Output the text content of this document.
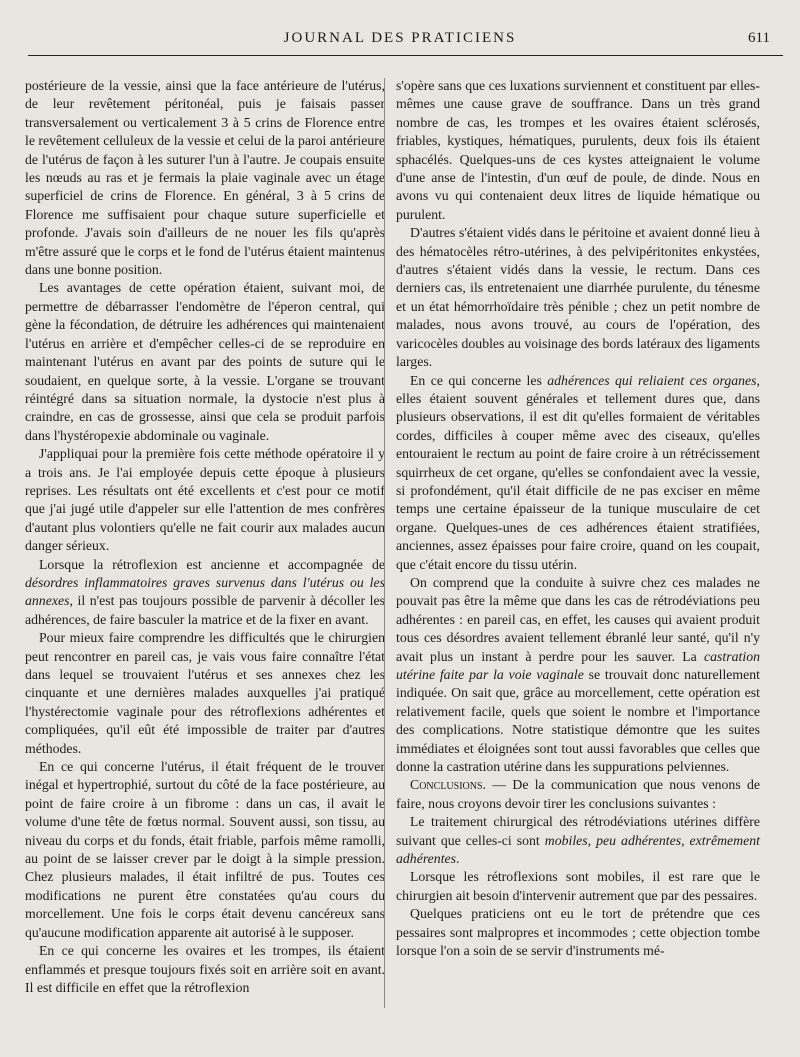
JOURNAL DES PRATICIENS	611

postérieure de la vessie, ainsi que la face antérieure de l'utérus, de leur revêtement péritonéal, puis je faisais passer transversalement ou verticalement 3 à 5 crins de Florence entre le revêtement celluleux de la vessie et celui de la paroi antérieure de l'utérus de façon à les suturer l'un à l'autre. Je coupais ensuite les nœuds au ras et je fermais la plaie vaginale avec un étage superficiel de crins de Florence. En général, 3 à 5 crins de Florence me suffisaient pour chaque suture superficielle et profonde. J'avais soin d'ailleurs de ne nouer les fils qu'après m'être assuré que le corps et le fond de l'utérus étaient maintenus dans une bonne position.

Les avantages de cette opération étaient, suivant moi, de permettre de débarrasser l'endomètre de l'éperon central, qui gène la fécondation, de détruire les adhérences qui maintenaient l'utérus en arrière et d'empêcher celles-ci de se reproduire en maintenant l'utérus en avant par des points de suture qui le soudaient, en quelque sorte, à la vessie. L'organe se trouvant réintégré dans sa situation normale, la dystocie n'est plus à craindre, en cas de grossesse, ainsi que cela se produit parfois dans l'hystéropexie abdominale ou vaginale.

J'appliquai pour la première fois cette méthode opératoire il y a trois ans. Je l'ai employée depuis cette époque à plusieurs reprises. Les résultats ont été excellents et c'est pour ce motif que j'ai jugé utile d'appeler sur elle l'attention de mes confrères d'autant plus volontiers qu'elle ne fait courir aux malades aucun danger sérieux.

Lorsque la rétroflexion est ancienne et accompagnée de désordres inflammatoires graves survenus dans l'utérus ou les annexes, il n'est pas toujours possible de parvenir à décoller les adhérences, de faire basculer la matrice et de la fixer en avant.

Pour mieux faire comprendre les difficultés que le chirurgien peut rencontrer en pareil cas, je vais vous faire connaître l'état dans lequel se trouvaient l'utérus et ses annexes chez les cinquante et une dernières malades auxquelles j'ai pratiqué l'hystérectomie vaginale pour des rétroflexions adhérentes et compliquées, qu'il eût été impossible de traiter par d'autres méthodes.

En ce qui concerne l'utérus, il était fréquent de le trouver inégal et hypertrophié, surtout du côté de la face postérieure, au point de faire croire à un fibrome : dans un cas, il avait le volume d'une tête de fœtus normal. Souvent aussi, son tissu, au niveau du corps et du fonds, était friable, parfois même ramolli, au point de se laisser crever par le doigt à la simple pression. Chez plusieurs malades, il était infiltré de pus. Toutes ces modifications ne purent être constatées qu'au cours du morcellement. Une fois le corps était devenu cancéreux sans qu'aucune modification apparente ait autorisé à le supposer.

En ce qui concerne les ovaires et les trompes, ils étaient enflammés et presque toujours fixés soit en arrière soit en avant. Il est difficile en effet que la rétroflexion

s'opère sans que ces luxations surviennent et constituent par elles-mêmes une cause grave de souffrance. Dans un très grand nombre de cas, les trompes et les ovaires étaient sclérosés, friables, kystiques, hématiques, purulents, deux fois ils étaient sphacélés. Quelques-uns de ces kystes atteignaient le volume d'une anse de l'intestin, d'un œuf de poule, de dinde. Nous en avons vu qui contenaient deux litres de liquide hématique ou purulent.

D'autres s'étaient vidés dans le péritoine et avaient donné lieu à des hématocèles rétro-utérines, à des pelvipéritonites enkystées, d'autres s'étaient vidés dans la vessie, le rectum. Dans ces derniers cas, ils entretenaient une diarrhée purulente, du ténesme et un état hémorrhoïdaire très pénible ; chez un petit nombre de malades, nous avons trouvé, au cours de l'opération, des varicocèles doubles au voisinage des bords latéraux des ligaments larges.

En ce qui concerne les adhérences qui reliaient ces organes, elles étaient souvent générales et tellement dures que, dans plusieurs observations, il est dit qu'elles formaient de véritables cordes, difficiles à couper même avec des ciseaux, qu'elles entouraient le rectum au point de faire croire à un rétrécissement squirrheux de cet organe, qu'elles se confondaient avec la vessie, si profondément, qu'il était difficile de ne pas exciser en même temps une certaine épaisseur de la tunique musculaire de cet organe. Quelques-unes de ces adhérences étaient stratifiées, anciennes, assez épaisses pour faire croire, quand on les coupait, que c'était encore du tissu utérin.

On comprend que la conduite à suivre chez ces malades ne pouvait pas être la même que dans les cas de rétrodéviations peu adhérentes : en pareil cas, en effet, les causes qui avaient produit tous ces désordres avaient tellement ébranlé leur santé, qu'il n'y avait plus un instant à perdre pour les sauver. La castration utérine faite par la voie vaginale se trouvait donc naturellement indiquée. On sait que, grâce au morcellement, cette opération est relativement facile, quels que soient le nombre et l'importance des complications. Notre statistique démontre que les suites immédiates et éloignées sont tout aussi favorables que celles que donne la castration utérine dans les suppurations pelviennes.

Conclusions. — De la communication que nous venons de faire, nous croyons devoir tirer les conclusions suivantes :

Le traitement chirurgical des rétrodéviations utérines diffère suivant que celles-ci sont mobiles, peu adhérentes, extrêmement adhérentes.

Lorsque les rétroflexions sont mobiles, il est rare que le chirurgien ait besoin d'intervenir autrement que par des pessaires.

Quelques praticiens ont eu le tort de prétendre que ces pessaires sont malpropres et incommodes ; cette objection tombe lorsque l'on a soin de se servir d'instruments mé-
